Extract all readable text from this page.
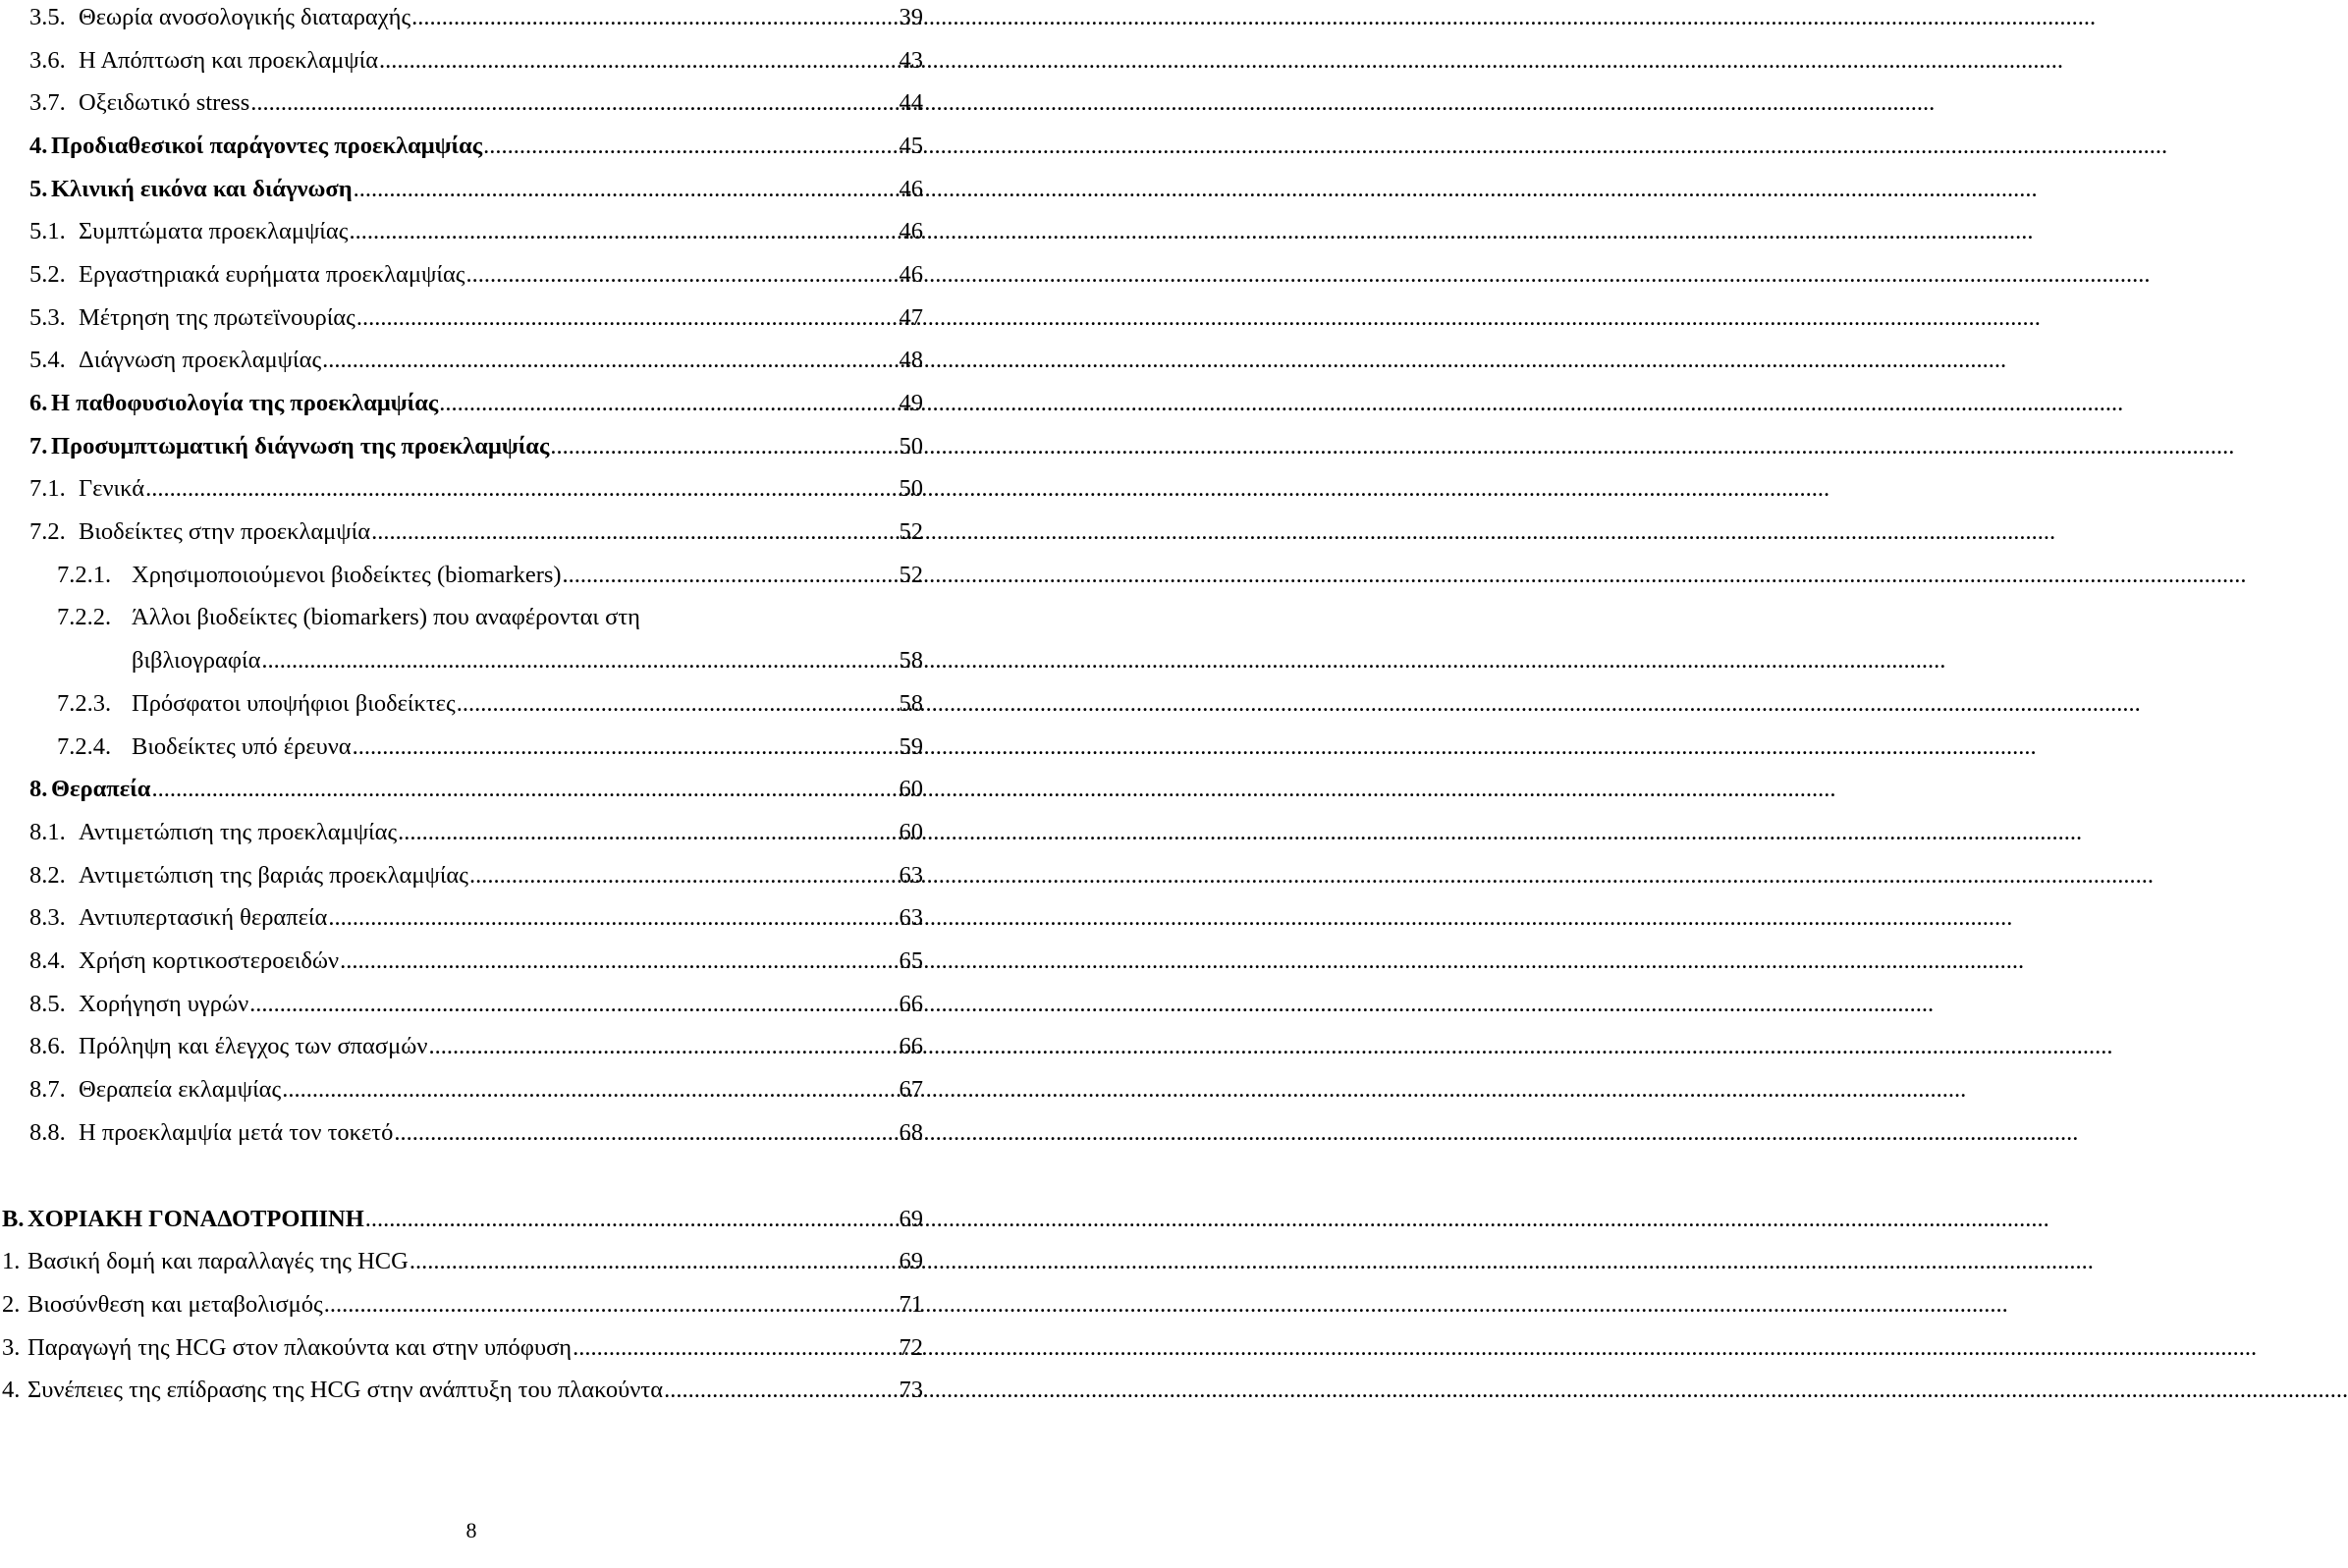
3.5. Θεωρία ανοσολογικής διαταραχής .....	39
3.6. Η Απόπτωση και προεκλαμψία .....	43
3.7. Οξειδωτικό stress .....	44
4. Προδιαθεσικοί παράγοντες προεκλαμψίας .....	45
5. Κλινική εικόνα και διάγνωση .....	46
5.1. Συμπτώματα προεκλαμψίας .....	46
5.2. Εργαστηριακά ευρήματα προεκλαμψίας .....	46
5.3. Μέτρηση της πρωτεϊνουρίας .....	47
5.4. Διάγνωση προεκλαμψίας .....	48
6. Η παθοφυσιολογία της προεκλαμψίας .....	49
7. Προσυμπτωματική διάγνωση της προεκλαμψίας .....	50
7.1. Γενικά .....	50
7.2. Βιοδείκτες στην προεκλαμψία .....	52
7.2.1. Χρησιμοποιούμενοι βιοδείκτες (biomarkers) .....	52
7.2.2. Άλλοι βιοδείκτες (biomarkers) που αναφέρονται στη
βιβλιογραφία .....	58
7.2.3. Πρόσφατοι υποψήφιοι βιοδείκτες .....	58
7.2.4. Βιοδείκτες υπό έρευνα .....	59
8. Θεραπεία .....	60
8.1. Αντιμετώπιση της προεκλαμψίας .....	60
8.2. Αντιμετώπιση της βαριάς προεκλαμψίας .....	63
8.3. Αντιυπερτασική θεραπεία .....	63
8.4. Χρήση κορτικοστεροειδών .....	65
8.5. Χορήγηση υγρών .....	66
8.6. Πρόληψη και έλεγχος των σπασμών .....	66
8.7. Θεραπεία εκλαμψίας .....	67
8.8. Η προεκλαμψία μετά τον τοκετό .....	68
Β. ΧΟΡΙΑΚΗ ΓΟΝΑΔΟΤΡΟΠΙΝΗ .....	69
1. Βασική δομή και παραλλαγές της HCG .....	69
2. Βιοσύνθεση και μεταβολισμός .....	71
3. Παραγωγή της HCG στον πλακούντα και στην υπόφυση .....	72
4. Συνέπειες της επίδρασης της HCG στην ανάπτυξη του πλακούντα .....	73
8
